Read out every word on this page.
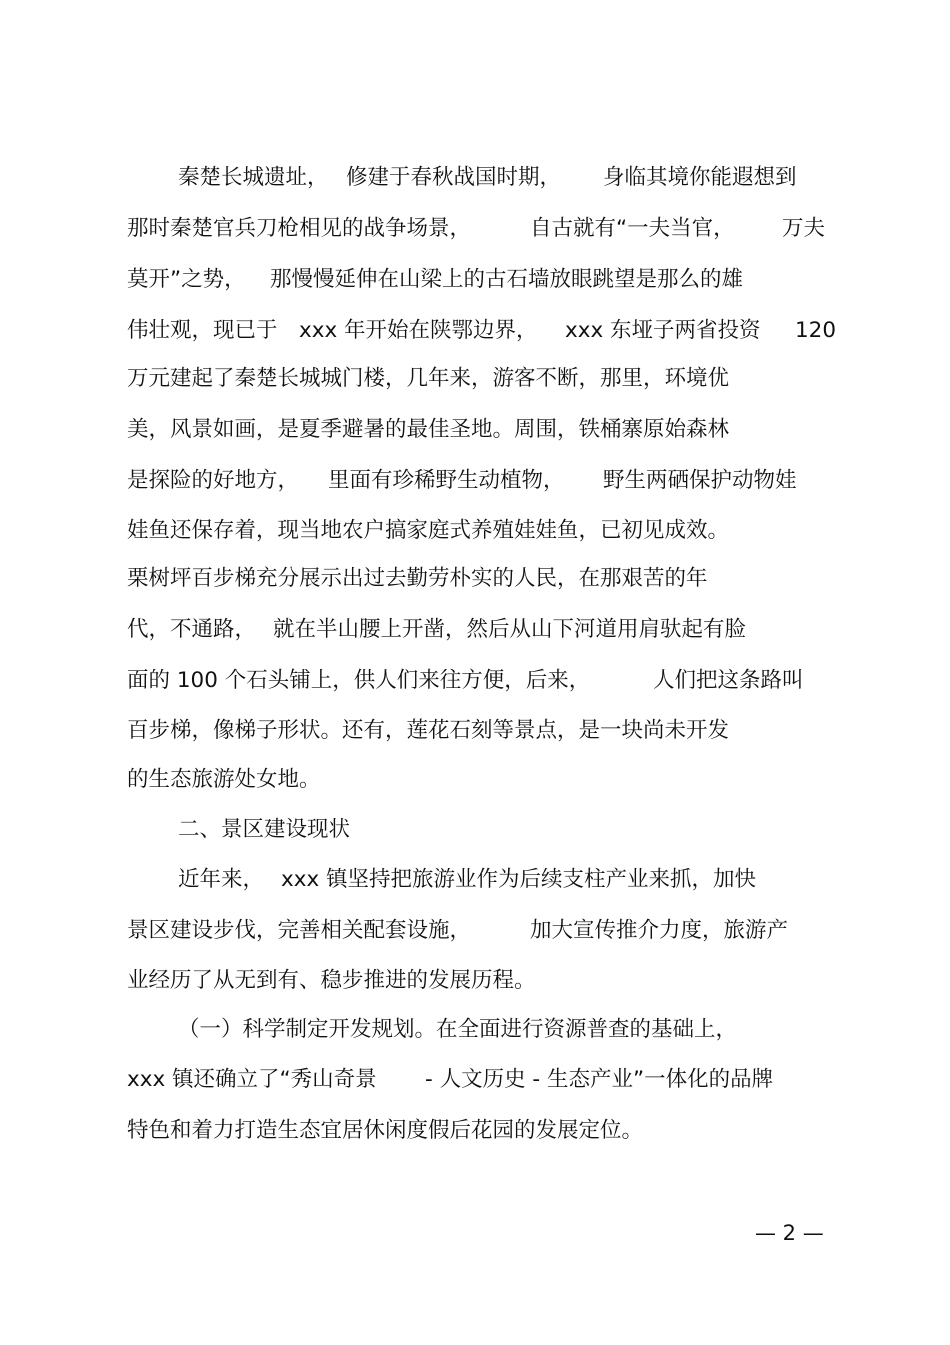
秦楚长城遗址， 修建于春秋战国时期， 身临其境你能遐想到
那时秦楚官兵刀枪相见的战争场景，	自古就有“一夫当官， 万夫
莫开”之势， 那慢慢延伸在山梁上的古石墙放眼跳望是那么的雄
伟壮观，现已于 xxx 年开始在陕鄂边界， xxx 东垭子两省投资 120
万元建起了秦楚长城城门楼，几年来，游客不断，那里，环境优
美，风景如画，是夏季避暑的最佳圣地。周围，铁桶寨原始森林
是探险的好地方， 里面有珍稀野生动植物， 野生两硒保护动物娃
娃鱼还保存着，现当地农户搞家庭式养殖娃娃鱼，已初见成效。
栗树坪百步梯充分展示出过去勤劳朴实的人民，在那艰苦的年
代，不通路， 就在半山腰上开凿，然后从山下河道用肩驮起有脸
面的 100 个石头铺上，供人们来往方便，后来，	人们把这条路叫
百步梯，像梯子形状。还有，莲花石刻等景点，是一块尚未开发
的生态旅游处女地。
二、景区建设现状
近年来， xxx 镇坚持把旅游业作为后续支柱产业来抓，加快
景区建设步伐，完善相关配套设施，	加大宣传推介力度，旅游产
业经历了从无到有、稳步推进的发展历程。
（一）科学制定开发规划。在全面进行资源普查的基础上，
xxx 镇还确立了“秀山奇景 - 人文历史 - 生态产业”一体化的品牌
特色和着力打造生态宜居休闲度假后花园的发展定位。
— 2 —
